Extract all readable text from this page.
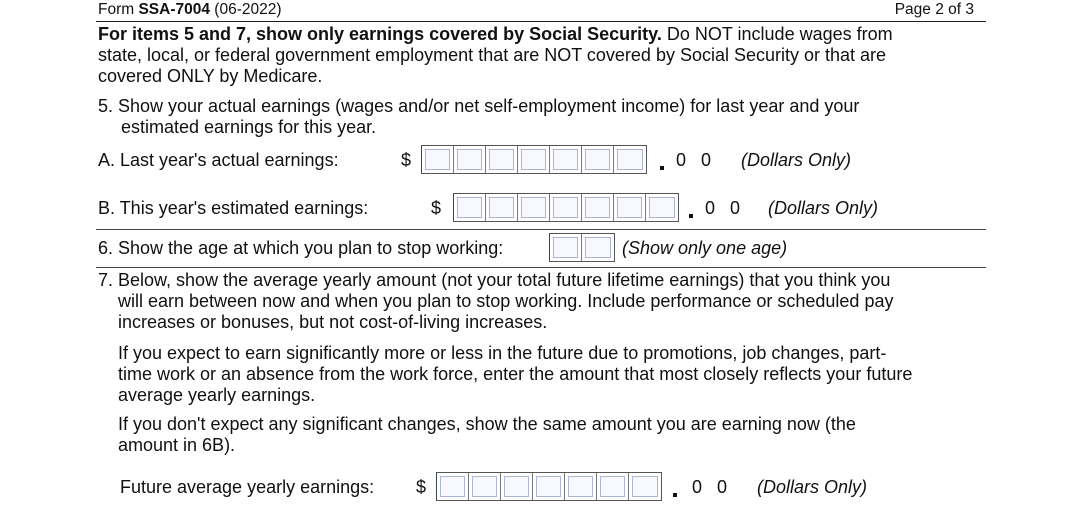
Form SSA-7004 (06-2022)	Page 2 of 3
For items 5 and 7, show only earnings covered by Social Security. Do NOT include wages from
state, local, or federal government employment that are NOT covered by Social Security or that are
covered ONLY by Medicare.
5. Show your actual earnings (wages and/or net self-employment income) for last year and your
estimated earnings for this year.
A. Last year's actual earnings:	$	0   0 (Dollars Only)
B. This year's estimated earnings:	$	0   0 (Dollars Only)
6. Show the age at which you plan to stop working:	(Show only one age)
7. Below, show the average yearly amount (not your total future lifetime earnings) that you think you
will earn between now and when you plan to stop working. Include performance or scheduled pay
increases or bonuses, but not cost-of-living increases.
If you expect to earn significantly more or less in the future due to promotions, job changes, part-
time work or an absence from the work force, enter the amount that most closely reflects your future
average yearly earnings.
If you don't expect any significant changes, show the same amount you are earning now (the
amount in 6B).
Future average yearly earnings: $	0   0 (Dollars Only)
